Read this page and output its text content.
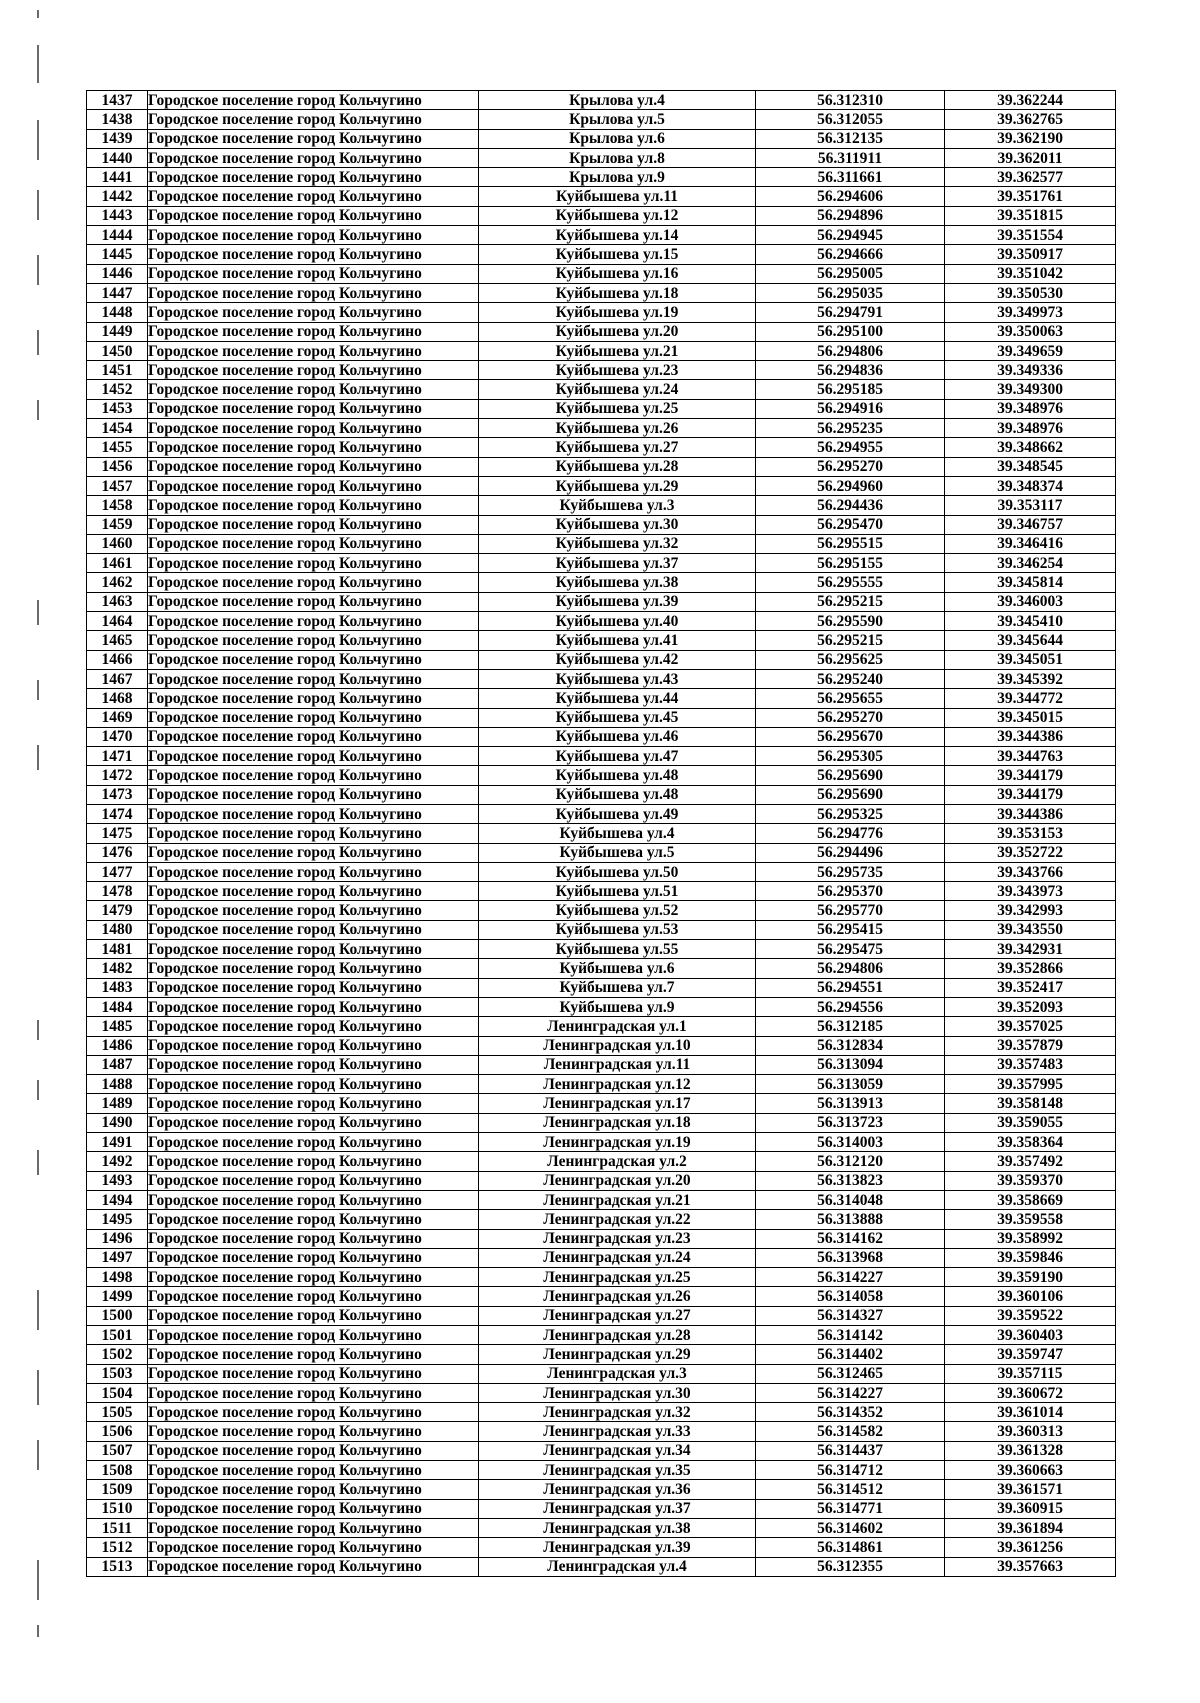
1437	Городское поселение город Кольчугино	Крылова ул.4	56.312310	39.362244
1438	Городское поселение город Кольчугино	Крылова ул.5	56.312055	39.362765
1439	Городское поселение город Кольчугино	Крылова ул.6	56.312135	39.362190
1440	Городское поселение город Кольчугино	Крылова ул.8	56.311911	39.362011
1441	Городское поселение город Кольчугино	Крылова ул.9	56.311661	39.362577
1442	Городское поселение город Кольчугино	Куйбышева ул.11	56.294606	39.351761
1443	Городское поселение город Кольчугино	Куйбышева ул.12	56.294896	39.351815
1444	Городское поселение город Кольчугино	Куйбышева ул.14	56.294945	39.351554
1445	Городское поселение город Кольчугино	Куйбышева ул.15	56.294666	39.350917
1446	Городское поселение город Кольчугино	Куйбышева ул.16	56.295005	39.351042
1447	Городское поселение город Кольчугино	Куйбышева ул.18	56.295035	39.350530
1448	Городское поселение город Кольчугино	Куйбышева ул.19	56.294791	39.349973
1449	Городское поселение город Кольчугино	Куйбышева ул.20	56.295100	39.350063
1450	Городское поселение город Кольчугино	Куйбышева ул.21	56.294806	39.349659
1451	Городское поселение город Кольчугино	Куйбышева ул.23	56.294836	39.349336
1452	Городское поселение город Кольчугино	Куйбышева ул.24	56.295185	39.349300
1453	Городское поселение город Кольчугино	Куйбышева ул.25	56.294916	39.348976
1454	Городское поселение город Кольчугино	Куйбышева ул.26	56.295235	39.348976
1455	Городское поселение город Кольчугино	Куйбышева ул.27	56.294955	39.348662
1456	Городское поселение город Кольчугино	Куйбышева ул.28	56.295270	39.348545
1457	Городское поселение город Кольчугино	Куйбышева ул.29	56.294960	39.348374
1458	Городское поселение город Кольчугино	Куйбышева ул.3	56.294436	39.353117
1459	Городское поселение город Кольчугино	Куйбышева ул.30	56.295470	39.346757
1460	Городское поселение город Кольчугино	Куйбышева ул.32	56.295515	39.346416
1461	Городское поселение город Кольчугино	Куйбышева ул.37	56.295155	39.346254
1462	Городское поселение город Кольчугино	Куйбышева ул.38	56.295555	39.345814
1463	Городское поселение город Кольчугино	Куйбышева ул.39	56.295215	39.346003
1464	Городское поселение город Кольчугино	Куйбышева ул.40	56.295590	39.345410
1465	Городское поселение город Кольчугино	Куйбышева ул.41	56.295215	39.345644
1466	Городское поселение город Кольчугино	Куйбышева ул.42	56.295625	39.345051
1467	Городское поселение город Кольчугино	Куйбышева ул.43	56.295240	39.345392
1468	Городское поселение город Кольчугино	Куйбышева ул.44	56.295655	39.344772
1469	Городское поселение город Кольчугино	Куйбышева ул.45	56.295270	39.345015
1470	Городское поселение город Кольчугино	Куйбышева ул.46	56.295670	39.344386
1471	Городское поселение город Кольчугино	Куйбышева ул.47	56.295305	39.344763
1472	Городское поселение город Кольчугино	Куйбышева ул.48	56.295690	39.344179
1473	Городское поселение город Кольчугино	Куйбышева ул.48	56.295690	39.344179
1474	Городское поселение город Кольчугино	Куйбышева ул.49	56.295325	39.344386
1475	Городское поселение город Кольчугино	Куйбышева ул.4	56.294776	39.353153
1476	Городское поселение город Кольчугино	Куйбышева ул.5	56.294496	39.352722
1477	Городское поселение город Кольчугино	Куйбышева ул.50	56.295735	39.343766
1478	Городское поселение город Кольчугино	Куйбышева ул.51	56.295370	39.343973
1479	Городское поселение город Кольчугино	Куйбышева ул.52	56.295770	39.342993
1480	Городское поселение город Кольчугино	Куйбышева ул.53	56.295415	39.343550
1481	Городское поселение город Кольчугино	Куйбышева ул.55	56.295475	39.342931
1482	Городское поселение город Кольчугино	Куйбышева ул.6	56.294806	39.352866
1483	Городское поселение город Кольчугино	Куйбышева ул.7	56.294551	39.352417
1484	Городское поселение город Кольчугино	Куйбышева ул.9	56.294556	39.352093
1485	Городское поселение город Кольчугино	Ленинградская ул.1	56.312185	39.357025
1486	Городское поселение город Кольчугино	Ленинградская ул.10	56.312834	39.357879
1487	Городское поселение город Кольчугино	Ленинградская ул.11	56.313094	39.357483
1488	Городское поселение город Кольчугино	Ленинградская ул.12	56.313059	39.357995
1489	Городское поселение город Кольчугино	Ленинградская ул.17	56.313913	39.358148
1490	Городское поселение город Кольчугино	Ленинградская ул.18	56.313723	39.359055
1491	Городское поселение город Кольчугино	Ленинградская ул.19	56.314003	39.358364
1492	Городское поселение город Кольчугино	Ленинградская ул.2	56.312120	39.357492
1493	Городское поселение город Кольчугино	Ленинградская ул.20	56.313823	39.359370
1494	Городское поселение город Кольчугино	Ленинградская ул.21	56.314048	39.358669
1495	Городское поселение город Кольчугино	Ленинградская ул.22	56.313888	39.359558
1496	Городское поселение город Кольчугино	Ленинградская ул.23	56.314162	39.358992
1497	Городское поселение город Кольчугино	Ленинградская ул.24	56.313968	39.359846
1498	Городское поселение город Кольчугино	Ленинградская ул.25	56.314227	39.359190
1499	Городское поселение город Кольчугино	Ленинградская ул.26	56.314058	39.360106
1500	Городское поселение город Кольчугино	Ленинградская ул.27	56.314327	39.359522
1501	Городское поселение город Кольчугино	Ленинградская ул.28	56.314142	39.360403
1502	Городское поселение город Кольчугино	Ленинградская ул.29	56.314402	39.359747
1503	Городское поселение город Кольчугино	Ленинградская ул.3	56.312465	39.357115
1504	Городское поселение город Кольчугино	Ленинградская ул.30	56.314227	39.360672
1505	Городское поселение город Кольчугино	Ленинградская ул.32	56.314352	39.361014
1506	Городское поселение город Кольчугино	Ленинградская ул.33	56.314582	39.360313
1507	Городское поселение город Кольчугино	Ленинградская ул.34	56.314437	39.361328
1508	Городское поселение город Кольчугино	Ленинградская ул.35	56.314712	39.360663
1509	Городское поселение город Кольчугино	Ленинградская ул.36	56.314512	39.361571
1510	Городское поселение город Кольчугино	Ленинградская ул.37	56.314771	39.360915
1511	Городское поселение город Кольчугино	Ленинградская ул.38	56.314602	39.361894
1512	Городское поселение город Кольчугино	Ленинградская ул.39	56.314861	39.361256
1513	Городское поселение город Кольчугино	Ленинградская ул.4	56.312355	39.357663
